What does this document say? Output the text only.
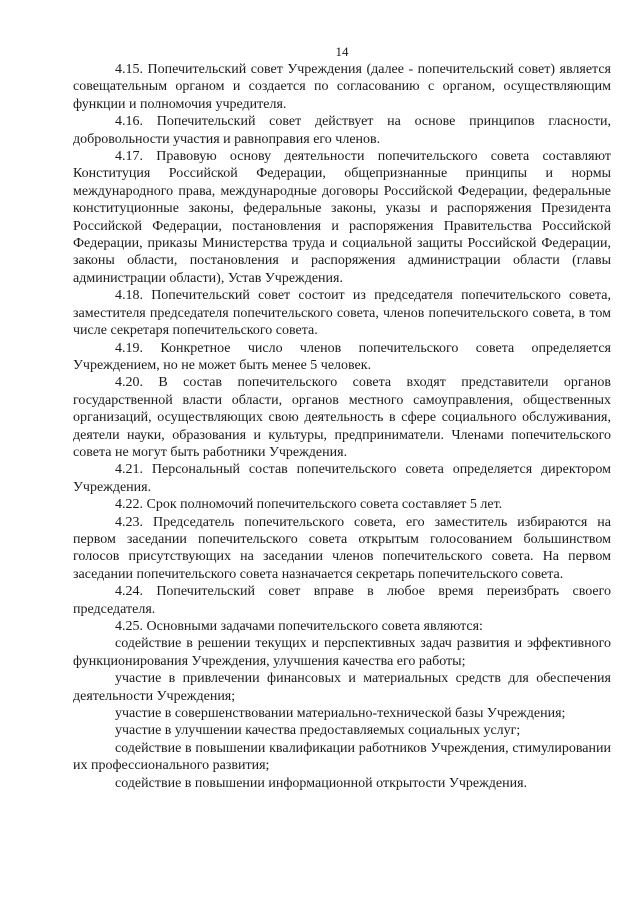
14

4.15. Попечительский совет Учреждения (далее - попечительский совет) является совещательным органом и создается по согласованию с органом, осуществляющим функции и полномочия учредителя.

4.16. Попечительский совет действует на основе принципов гласности, добровольности участия и равноправия его членов.

4.17. Правовую основу деятельности попечительского совета составляют Конституция Российской Федерации, общепризнанные принципы и нормы международного права, международные договоры Российской Федерации, федеральные конституционные законы, федеральные законы, указы и распоряжения Президента Российской Федерации, постановления и распоряжения Правительства Российской Федерации, приказы Министерства труда и социальной защиты Российской Федерации, законы области, постановления и распоряжения администрации области (главы администрации области), Устав Учреждения.

4.18. Попечительский совет состоит из председателя попечительского совета, заместителя председателя попечительского совета, членов попечительского совета, в том числе секретаря попечительского совета.

4.19. Конкретное число членов попечительского совета определяется Учреждением, но не может быть менее 5 человек.

4.20. В состав попечительского совета входят представители органов государственной власти области, органов местного самоуправления, общественных организаций, осуществляющих свою деятельность в сфере социального обслуживания, деятели науки, образования и культуры, предприниматели. Членами попечительского совета не могут быть работники Учреждения.

4.21. Персональный состав попечительского совета определяется директором Учреждения.

4.22. Срок полномочий попечительского совета составляет 5 лет.

4.23. Председатель попечительского совета, его заместитель избираются на первом заседании попечительского совета открытым голосованием большинством голосов присутствующих на заседании членов попечительского совета. На первом заседании попечительского совета назначается секретарь попечительского совета.

4.24. Попечительский совет вправе в любое время переизбрать своего председателя.

4.25. Основными задачами попечительского совета являются:

содействие в решении текущих и перспективных задач развития и эффективного функционирования Учреждения, улучшения качества его работы;

участие в привлечении финансовых и материальных средств для обеспечения деятельности Учреждения;

участие в совершенствовании материально-технической базы Учреждения;

участие в улучшении качества предоставляемых социальных услуг;

содействие в повышении квалификации работников Учреждения, стимулировании их профессионального развития;

содействие в повышении информационной открытости Учреждения.
